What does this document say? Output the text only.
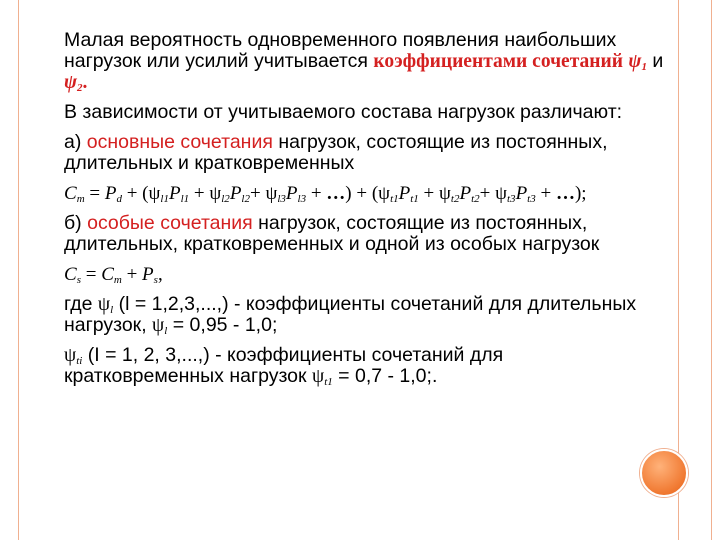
Малая вероятность одновременного появления наибольших нагрузок или усилий учитывается коэффициентами сочетаний $\psi_1$ и $\psi_2$.

В зависимости от учитываемого состава нагрузок различают:

а) основные сочетания нагрузок, состоящие из постоянных, длительных и кратковременных

$C_m = P_d + (\psi_{l1}P_{l1} + \psi_{l2}P_{l2}+ \psi_{l3}P_{l3}$ + …) + ($\psi_{t1}P_{t1} + \psi_{t2}P_{t2}+ \psi_{t3}P_{t3}$ + …);

б) особые сочетания нагрузок, состоящие из постоянных, длительных, кратковременных и одной из особых нагрузок

$C_s = C_m + P_s$,

где $\psi_l$ (l = 1,2,3,...,) - коэффициенты сочетаний для длительных нагрузок, $\psi_l = 0,95 - 1,0$;

$\psi_{ti}$ (I = 1, 2, 3,...,) - коэффициенты сочетаний для кратковременных нагрузок $\psi_{t1} = 0,7 - 1,0$;.
